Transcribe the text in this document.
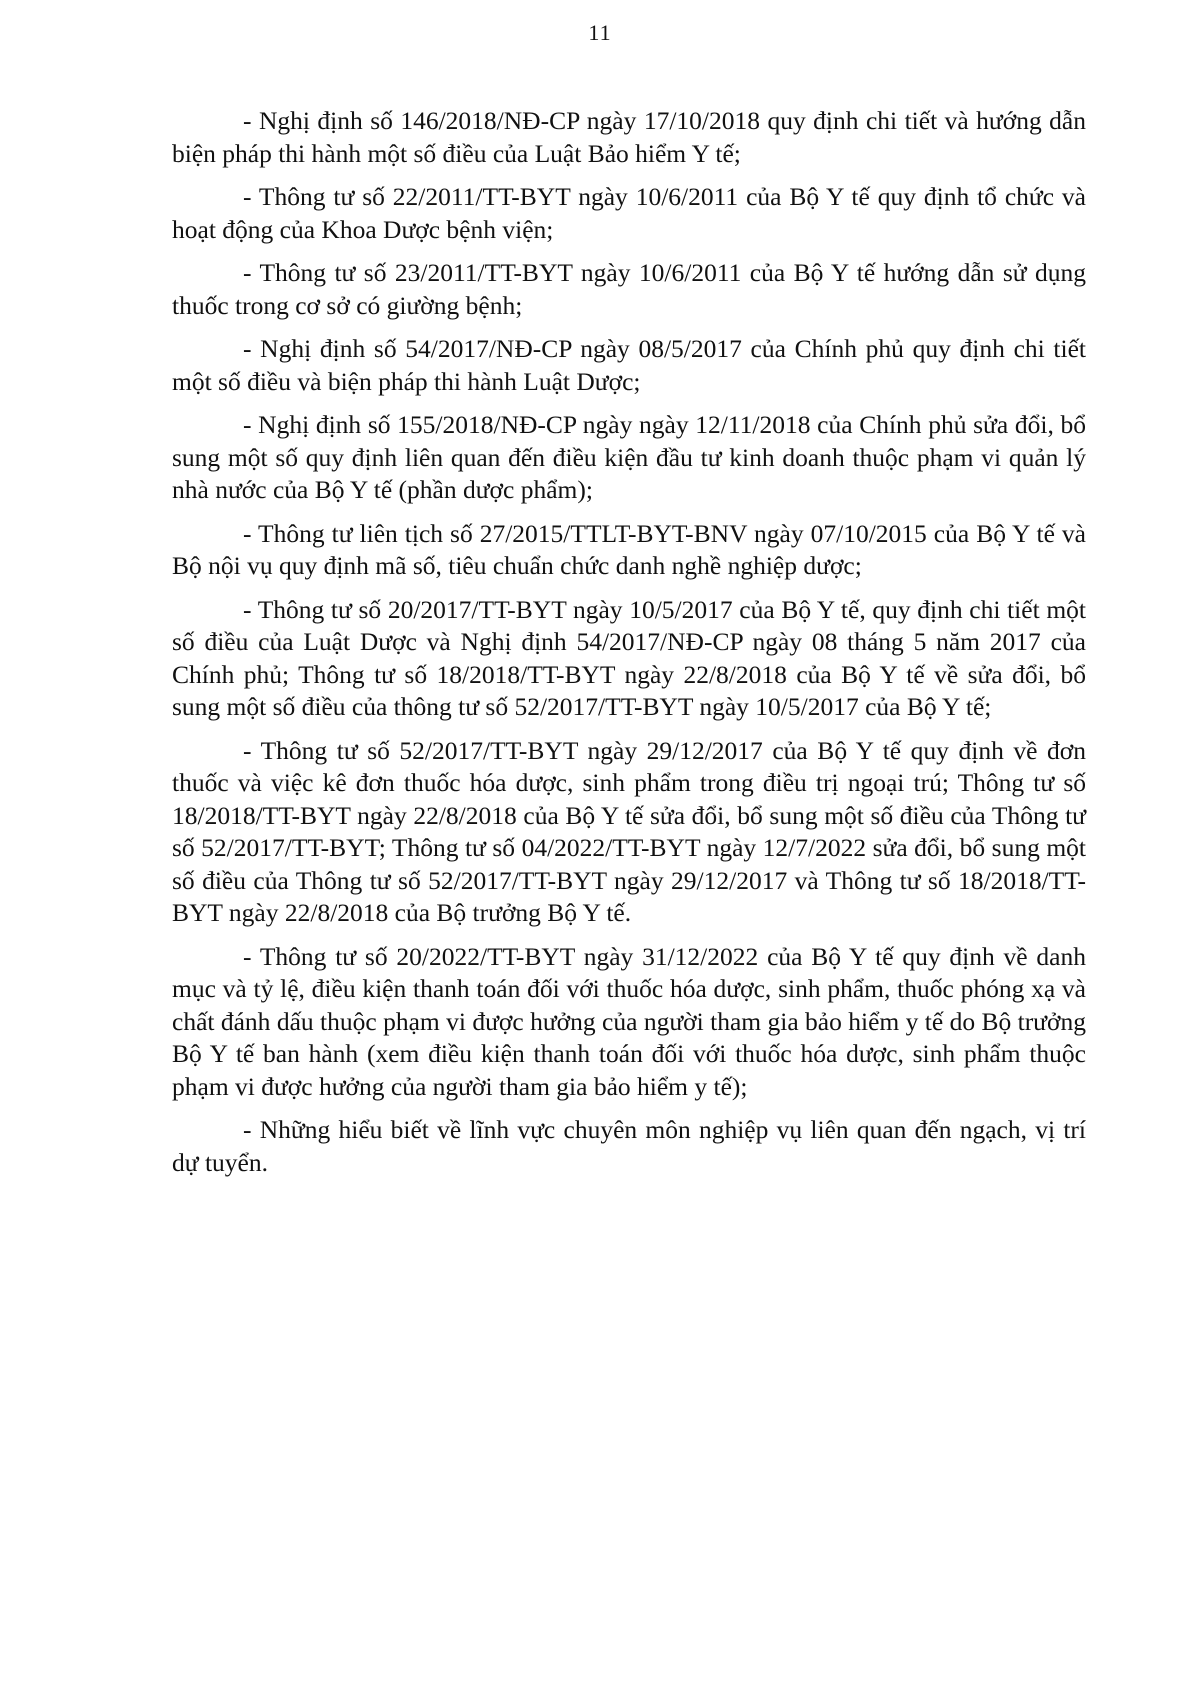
11

- Nghị định số 146/2018/NĐ-CP ngày 17/10/2018 quy định chi tiết và hướng dẫn biện pháp thi hành một số điều của Luật Bảo hiểm Y tế;

- Thông tư số 22/2011/TT-BYT ngày 10/6/2011 của Bộ Y tế quy định tổ chức và hoạt động của Khoa Dược bệnh viện;

- Thông tư số 23/2011/TT-BYT ngày 10/6/2011 của Bộ Y tế hướng dẫn sử dụng thuốc trong cơ sở có giường bệnh;

- Nghị định số 54/2017/NĐ-CP ngày 08/5/2017 của Chính phủ quy định chi tiết một số điều và biện pháp thi hành Luật Dược;

- Nghị định số 155/2018/NĐ-CP ngày ngày 12/11/2018 của Chính phủ sửa đổi, bổ sung một số quy định liên quan đến điều kiện đầu tư kinh doanh thuộc phạm vi quản lý nhà nước của Bộ Y tế (phần dược phẩm);

- Thông tư liên tịch số 27/2015/TTLT-BYT-BNV ngày 07/10/2015 của Bộ Y tế và Bộ nội vụ quy định mã số, tiêu chuẩn chức danh nghề nghiệp dược;

- Thông tư số 20/2017/TT-BYT ngày 10/5/2017 của Bộ Y tế, quy định chi tiết một số điều của Luật Dược và Nghị định 54/2017/NĐ-CP ngày 08 tháng 5 năm 2017 của Chính phủ; Thông tư số 18/2018/TT-BYT ngày 22/8/2018 của Bộ Y tế về sửa đổi, bổ sung một số điều của thông tư số 52/2017/TT-BYT ngày 10/5/2017 của Bộ Y tế;

- Thông tư số 52/2017/TT-BYT ngày 29/12/2017 của Bộ Y tế quy định về đơn thuốc và việc kê đơn thuốc hóa dược, sinh phẩm trong điều trị ngoại trú; Thông tư số 18/2018/TT-BYT ngày 22/8/2018 của Bộ Y tế sửa đổi, bổ sung một số điều của Thông tư số 52/2017/TT-BYT; Thông tư số 04/2022/TT-BYT ngày 12/7/2022 sửa đổi, bổ sung một số điều của Thông tư số 52/2017/TT-BYT ngày 29/12/2017 và Thông tư số 18/2018/TT-BYT ngày 22/8/2018 của Bộ trưởng Bộ Y tế.

- Thông tư số 20/2022/TT-BYT ngày 31/12/2022 của Bộ Y tế quy định về danh mục và tỷ lệ, điều kiện thanh toán đối với thuốc hóa dược, sinh phẩm, thuốc phóng xạ và chất đánh dấu thuộc phạm vi được hưởng của người tham gia bảo hiểm y tế do Bộ trưởng Bộ Y tế ban hành (xem điều kiện thanh toán đối với thuốc hóa dược, sinh phẩm thuộc phạm vi được hưởng của người tham gia bảo hiểm y tế);

- Những hiểu biết về lĩnh vực chuyên môn nghiệp vụ liên quan đến ngạch, vị trí dự tuyển.
